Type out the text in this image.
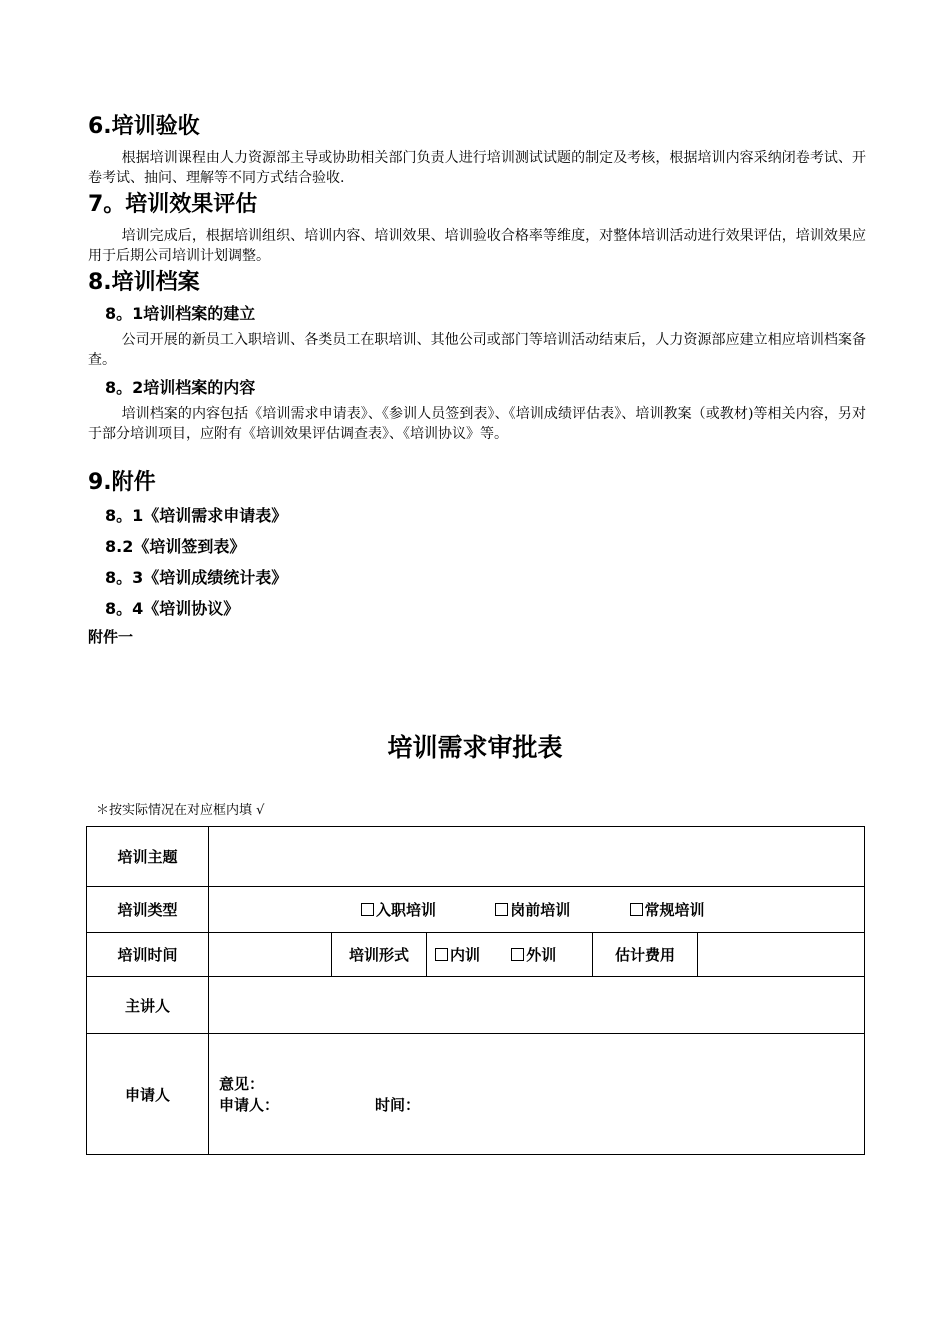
6.培训验收

根据培训课程由人力资源部主导或协助相关部门负责人进行培训测试试题的制定及考核，根据培训内容采纳闭卷考试、开卷考试、抽问、理解等不同方式结合验收.

7。培训效果评估

培训完成后，根据培训组织、培训内容、培训效果、培训验收合格率等维度，对整体培训活动进行效果评估，培训效果应用于后期公司培训计划调整。

8.培训档案
8。1培训档案的建立

公司开展的新员工入职培训、各类员工在职培训、其他公司或部门等培训活动结束后，人力资源部应建立相应培训档案备查。

8。2培训档案的内容

培训档案的内容包括《培训需求申请表》、《参训人员签到表》、《培训成绩评估表》、培训教案（或教材)等相关内容，另对于部分培训项目，应附有《培训效果评估调查表》、《培训协议》等。

9.附件
8。1《培训需求申请表》
8.2《培训签到表》
8。3《培训成绩统计表》
8。4《培训协议》
附件一
培训需求审批表
＊按实际情况在对应框内填 √
培训主题					
培训类型	入职培训 岗前培训 常规培训				
培训时间		培训形式	内训 外训	估计费用	
主讲人					
申请人	意见：
申请人： 时间：				
